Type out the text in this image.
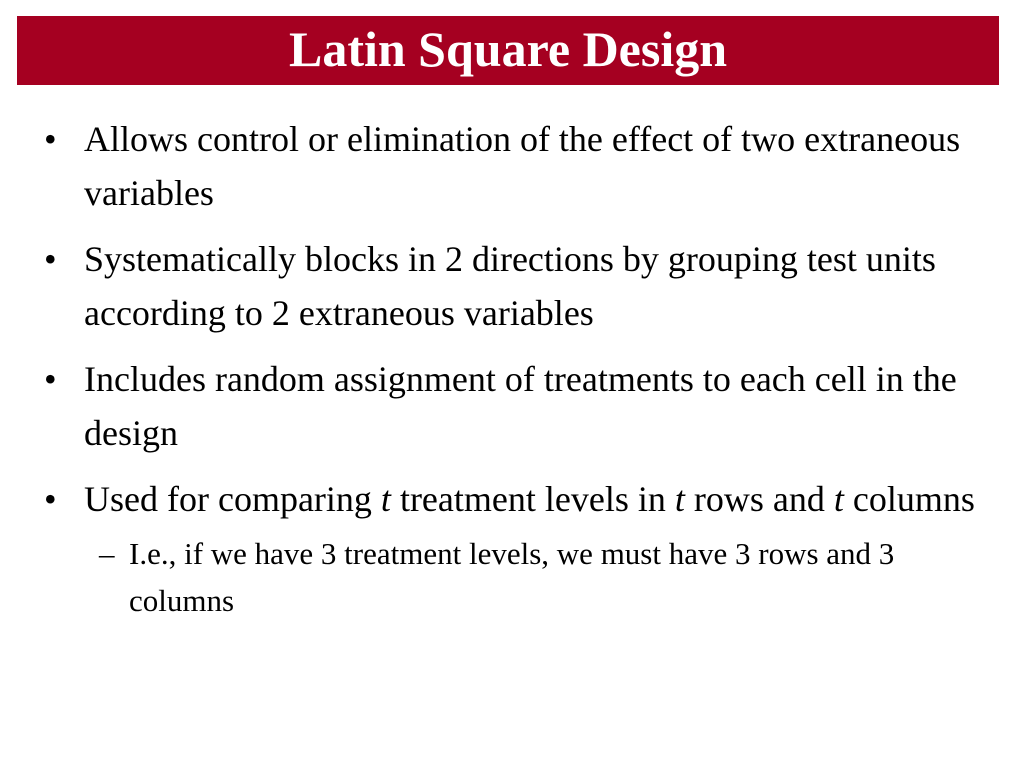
Latin Square Design
• Allows control or elimination of the effect of two extraneous variables
• Systematically blocks in 2 directions by grouping test units according to 2 extraneous variables
• Includes random assignment of treatments to each cell in the design
• Used for comparing t treatment levels in t rows and t columns
– I.e., if we have 3 treatment levels, we must have 3 rows and 3 columns
